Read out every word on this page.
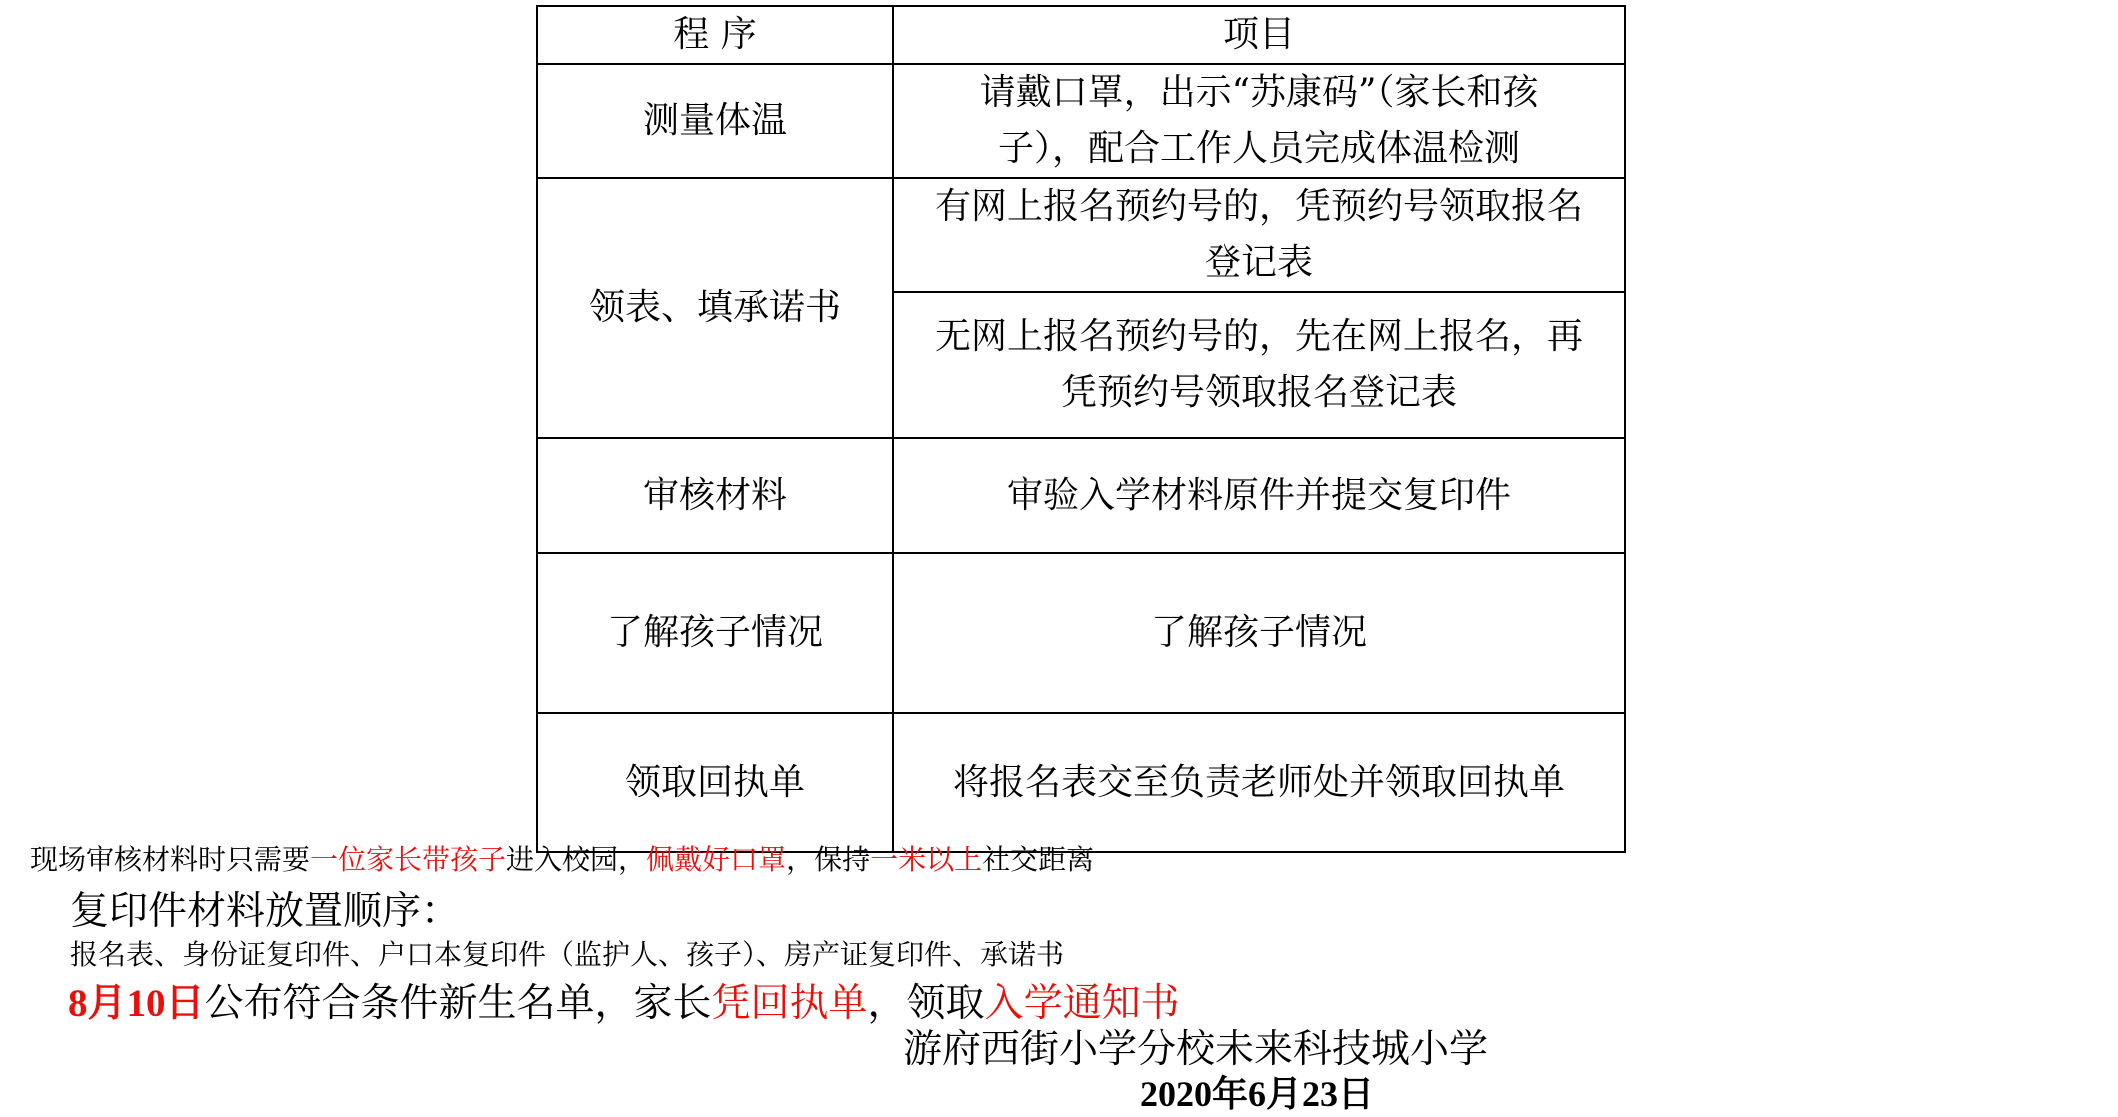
程 序	项目
测量体温	请戴口罩，出示“苏康码”（家长和孩
子），配合工作人员完成体温检测

领表、填承诺书	有网上报名预约号的，凭预约号领取报名
登记表

	无网上报名预约号的，先在网上报名，再
凭预约号领取报名登记表

审核材料	审验入学材料原件并提交复印件
了解孩子情况	了解孩子情况
领取回执单	将报名表交至负责老师处并领取回执单
现场审核材料时只需要一位家长带孩子进入校园，佩戴好口罩，保持一米以上社交距离
复印件材料放置顺序：
报名表、身份证复印件、户口本复印件（监护人、孩子）、房产证复印件、承诺书
8月10日公布符合条件新生名单，家长凭回执单，领取入学通知书
游府西街小学分校未来科技城小学
2020年6月23日
